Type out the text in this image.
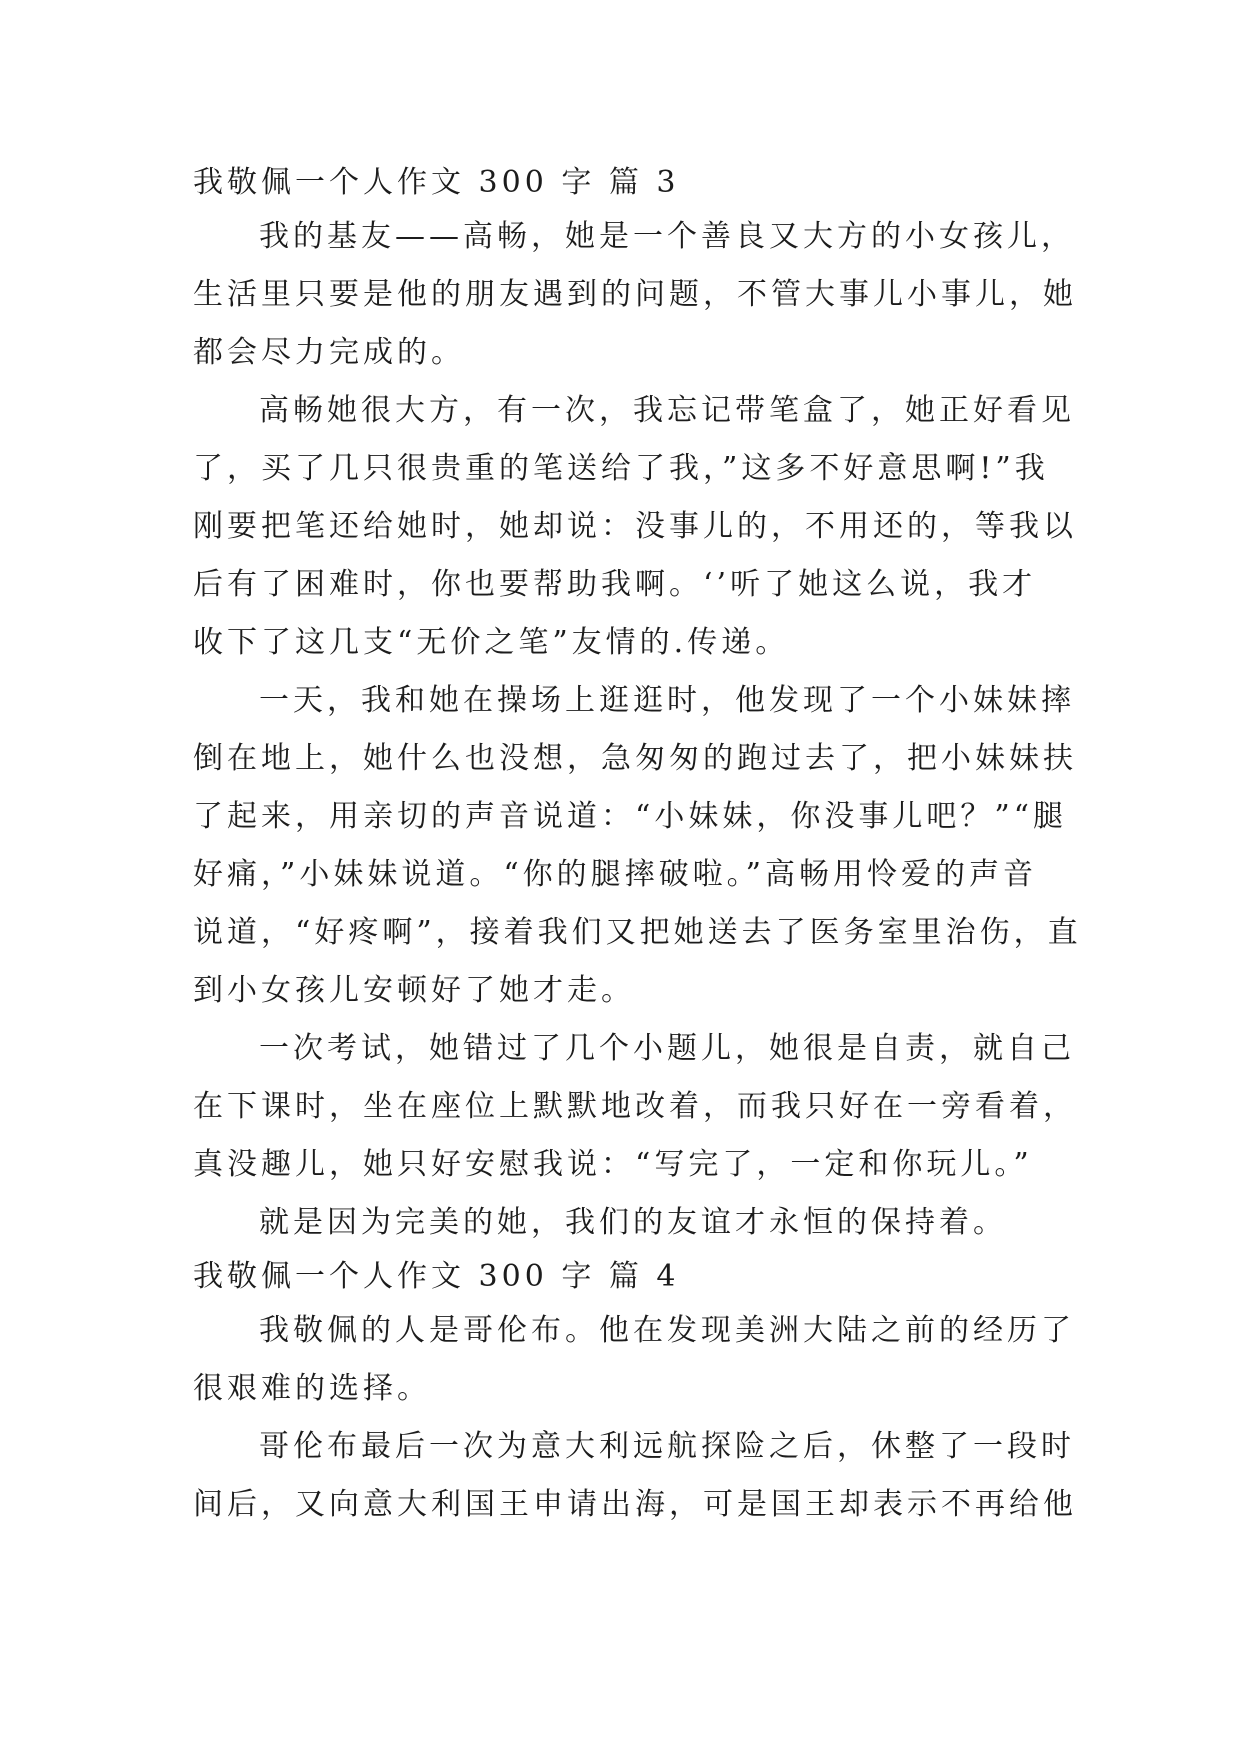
我敬佩一个人作文 300 字 篇 3
我的基友——高畅，她是一个善良又大方的小女孩儿，
生活里只要是他的朋友遇到的问题，不管大事儿小事儿，她
都会尽力完成的。
高畅她很大方，有一次，我忘记带笔盒了，她正好看见
了，买了几只很贵重的笔送给了我，”这多不好意思啊!”我
刚要把笔还给她时，她却说：没事儿的，不用还的，等我以
后有了困难时，你也要帮助我啊。‘’听了她这么说，我才
收下了这几支“无价之笔”友情的.传递。
一天，我和她在操场上逛逛时，他发现了一个小妹妹摔
倒在地上，她什么也没想，急匆匆的跑过去了，把小妹妹扶
了起来，用亲切的声音说道：“小妹妹，你没事儿吧？”“腿
好痛，”小妹妹说道。“你的腿摔破啦。”高畅用怜爱的声音
说道，“好疼啊”，接着我们又把她送去了医务室里治伤，直
到小女孩儿安顿好了她才走。
一次考试，她错过了几个小题儿，她很是自责，就自己
在下课时，坐在座位上默默地改着，而我只好在一旁看着，
真没趣儿，她只好安慰我说：“写完了，一定和你玩儿。”
就是因为完美的她，我们的友谊才永恒的保持着。
我敬佩一个人作文 300 字 篇 4
我敬佩的人是哥伦布。他在发现美洲大陆之前的经历了
很艰难的选择。
哥伦布最后一次为意大利远航探险之后，休整了一段时
间后，又向意大利国王申请出海，可是国王却表示不再给他
